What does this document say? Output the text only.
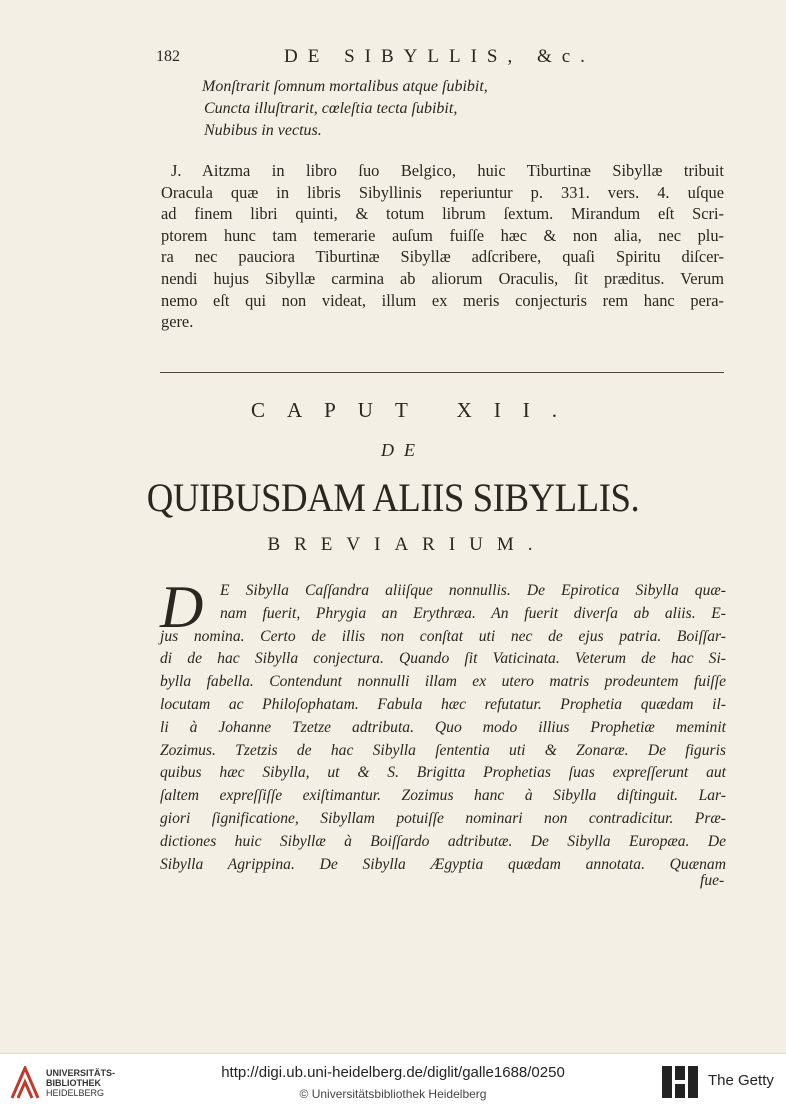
182	DE SIBYLLIS, &c.
Monſtrarit ſomnum mortalibus atque ſubibit,
Cuncta illuſtrarit, cœleſtia tecta ſubibit,
Nubibus in vectus.
J. Aitzma in libro ſuo Belgico, huic Tiburtinæ Sibyllæ tribuit
Oracula quæ in libris Sibyllinis reperiuntur p. 331. vers. 4. uſque
ad finem libri quinti, & totum librum ſextum. Mirandum eſt Scri-
ptorem hunc tam temerarie auſum fuiſſe hæc & non alia, nec plu-
ra nec pauciora Tiburtinæ Sibyllæ adſcribere, quaſi Spiritu diſcer-
nendi hujus Sibyllæ carmina ab aliorum Oraculis, ſit præditus. Verum
nemo eſt qui non videat, illum ex meris conjecturis rem hanc pera-
gere.
CAPUT XII.
DE
QUIBUSDAM ALIIS SIBYLLIS.
BREVIARIUM.
D	E Sibylla Caſſandra aliiſque nonnullis. De Epirotica Sibylla quæ-
nam fuerit, Phrygia an Erythræa. An fuerit diverſa ab aliis. E-
jus nomina. Certo de illis non conſtat uti nec de ejus patria. Boiſſar-
di de hac Sibylla conjectura. Quando ſit Vaticinata. Veterum de hac Si-
bylla fabella. Contendunt nonnulli illam ex utero matris prodeuntem fuiſſe
locutam ac Philoſophatam. Fabula hæc refutatur. Prophetia quædam il-
li à Johanne Tzetze adtributa. Quo modo illius Prophetiæ meminit
Zozimus. Tzetzis de hac Sibylla ſententia uti & Zonaræ. De figuris
quibus hæc Sibylla, ut & S. Brigitta Prophetias ſuas expreſſerunt aut
ſaltem expreſſiſſe exiſtimantur. Zozimus hanc à Sibylla diſtinguit. Lar-
giori ſignificatione, Sibyllam potuiſſe nominari non contradicitur. Præ-
dictiones huic Sibyllæ à Boiſſardo adtributæ. De Sibylla Europæa. De
Sibylla Agrippina. De Sibylla Ægyptia quædam annotata. Quænam
fue-
UNIVERSITÄTS-
BIBLIOTHEK
HEIDELBERG
http://digi.ub.uni-heidelberg.de/diglit/galle1688/0250
© Universitätsbibliothek Heidelberg
The Getty
